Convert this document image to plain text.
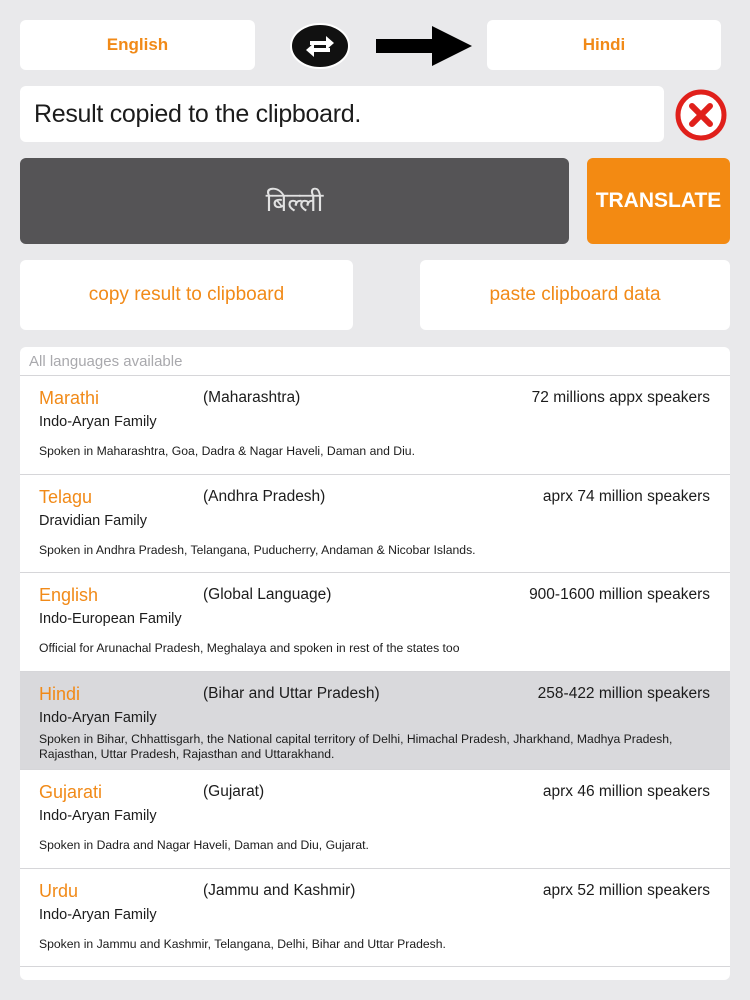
English	Hindi
Result copied to the clipboard.
बिल्ली	TRANSLATE
copy result to clipboard	paste clipboard data
All languages available
Marathi	(Maharashtra)	72 millions appx speakers
Indo-Aryan Family
Spoken in Maharashtra, Goa, Dadra & Nagar Haveli, Daman and Diu.
Telagu	(Andhra Pradesh)	aprx 74 million speakers
Dravidian Family
Spoken in Andhra Pradesh, Telangana, Puducherry, Andaman & Nicobar Islands.
English	(Global Language)	900-1600 million speakers
Indo-European Family
Official for Arunachal Pradesh, Meghalaya and spoken in rest of the states too
Hindi	(Bihar and Uttar Pradesh)	258-422 million speakers
Indo-Aryan Family
Spoken in Bihar, Chhattisgarh, the National capital territory of Delhi, Himachal Pradesh, Jharkhand, Madhya Pradesh, Rajasthan, Uttar Pradesh, Rajasthan and Uttarakhand.
Gujarati	(Gujarat)	aprx 46 million speakers
Indo-Aryan Family
Spoken in Dadra and Nagar Haveli, Daman and Diu, Gujarat.
Urdu	(Jammu and Kashmir)	aprx 52 million speakers
Indo-Aryan Family
Spoken in Jammu and Kashmir, Telangana, Delhi, Bihar and Uttar Pradesh.
